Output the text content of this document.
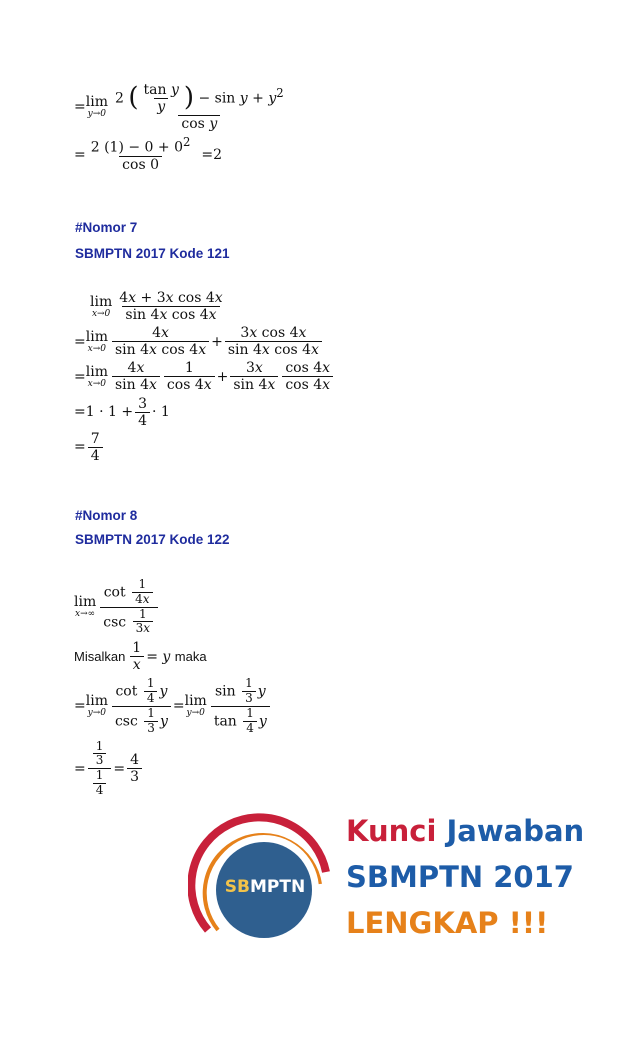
= lim
$y\to 0 \frac{2 ( \frac{\text{tan y}}{y} ) - \sin y + y^2}{\text{cos y}}$
= $\frac{2 (1) - 0 + 0^2}{\cos 0} =2$
#Nomor 7
SBMPTN 2017 Kode 121
lim
$x\to 0 \frac{\text{4x + 3x cos 4x}}{\text{sin 4x cos 4x}}$
= lim
$x\to 0 \frac{4x}{\text{sin 4x cos 4x}} + \frac{\text{3x cos 4x}}{\text{sin 4x cos 4x}}$
= lim
$x\to 0 \frac{4x}{\sin 4x} \frac{1}{\cos 4x} + \frac{3x}{\sin 4x} \frac{\cos 4x}{\cos 4x}$
$=1 \cdot 1 + \frac{3}{4} \cdot 1$
= $\frac{7}{4}$
#Nomor 8
SBMPTN 2017 Kode 122
lim
$x\to\infty \frac{\cot \frac{1}{4x}}{\csc \frac{1}{3x}}$
Misalkan $\frac{1}{x} = y$ maka
= lim
$y\to 0 \frac{\cot \frac{1}{4} y}{\csc \frac{1}{3} y} = \lim$
$y\to 0 \frac{\sin \frac{1}{3} y}{\tan \frac{1}{4} y}$
= $\frac{\frac{1}{3}}{\frac{1}{4}} = \frac{4}{3}$
SBMPTN
Kunci Jawaban
SBMPTN 2017
LENGKAP !!!
